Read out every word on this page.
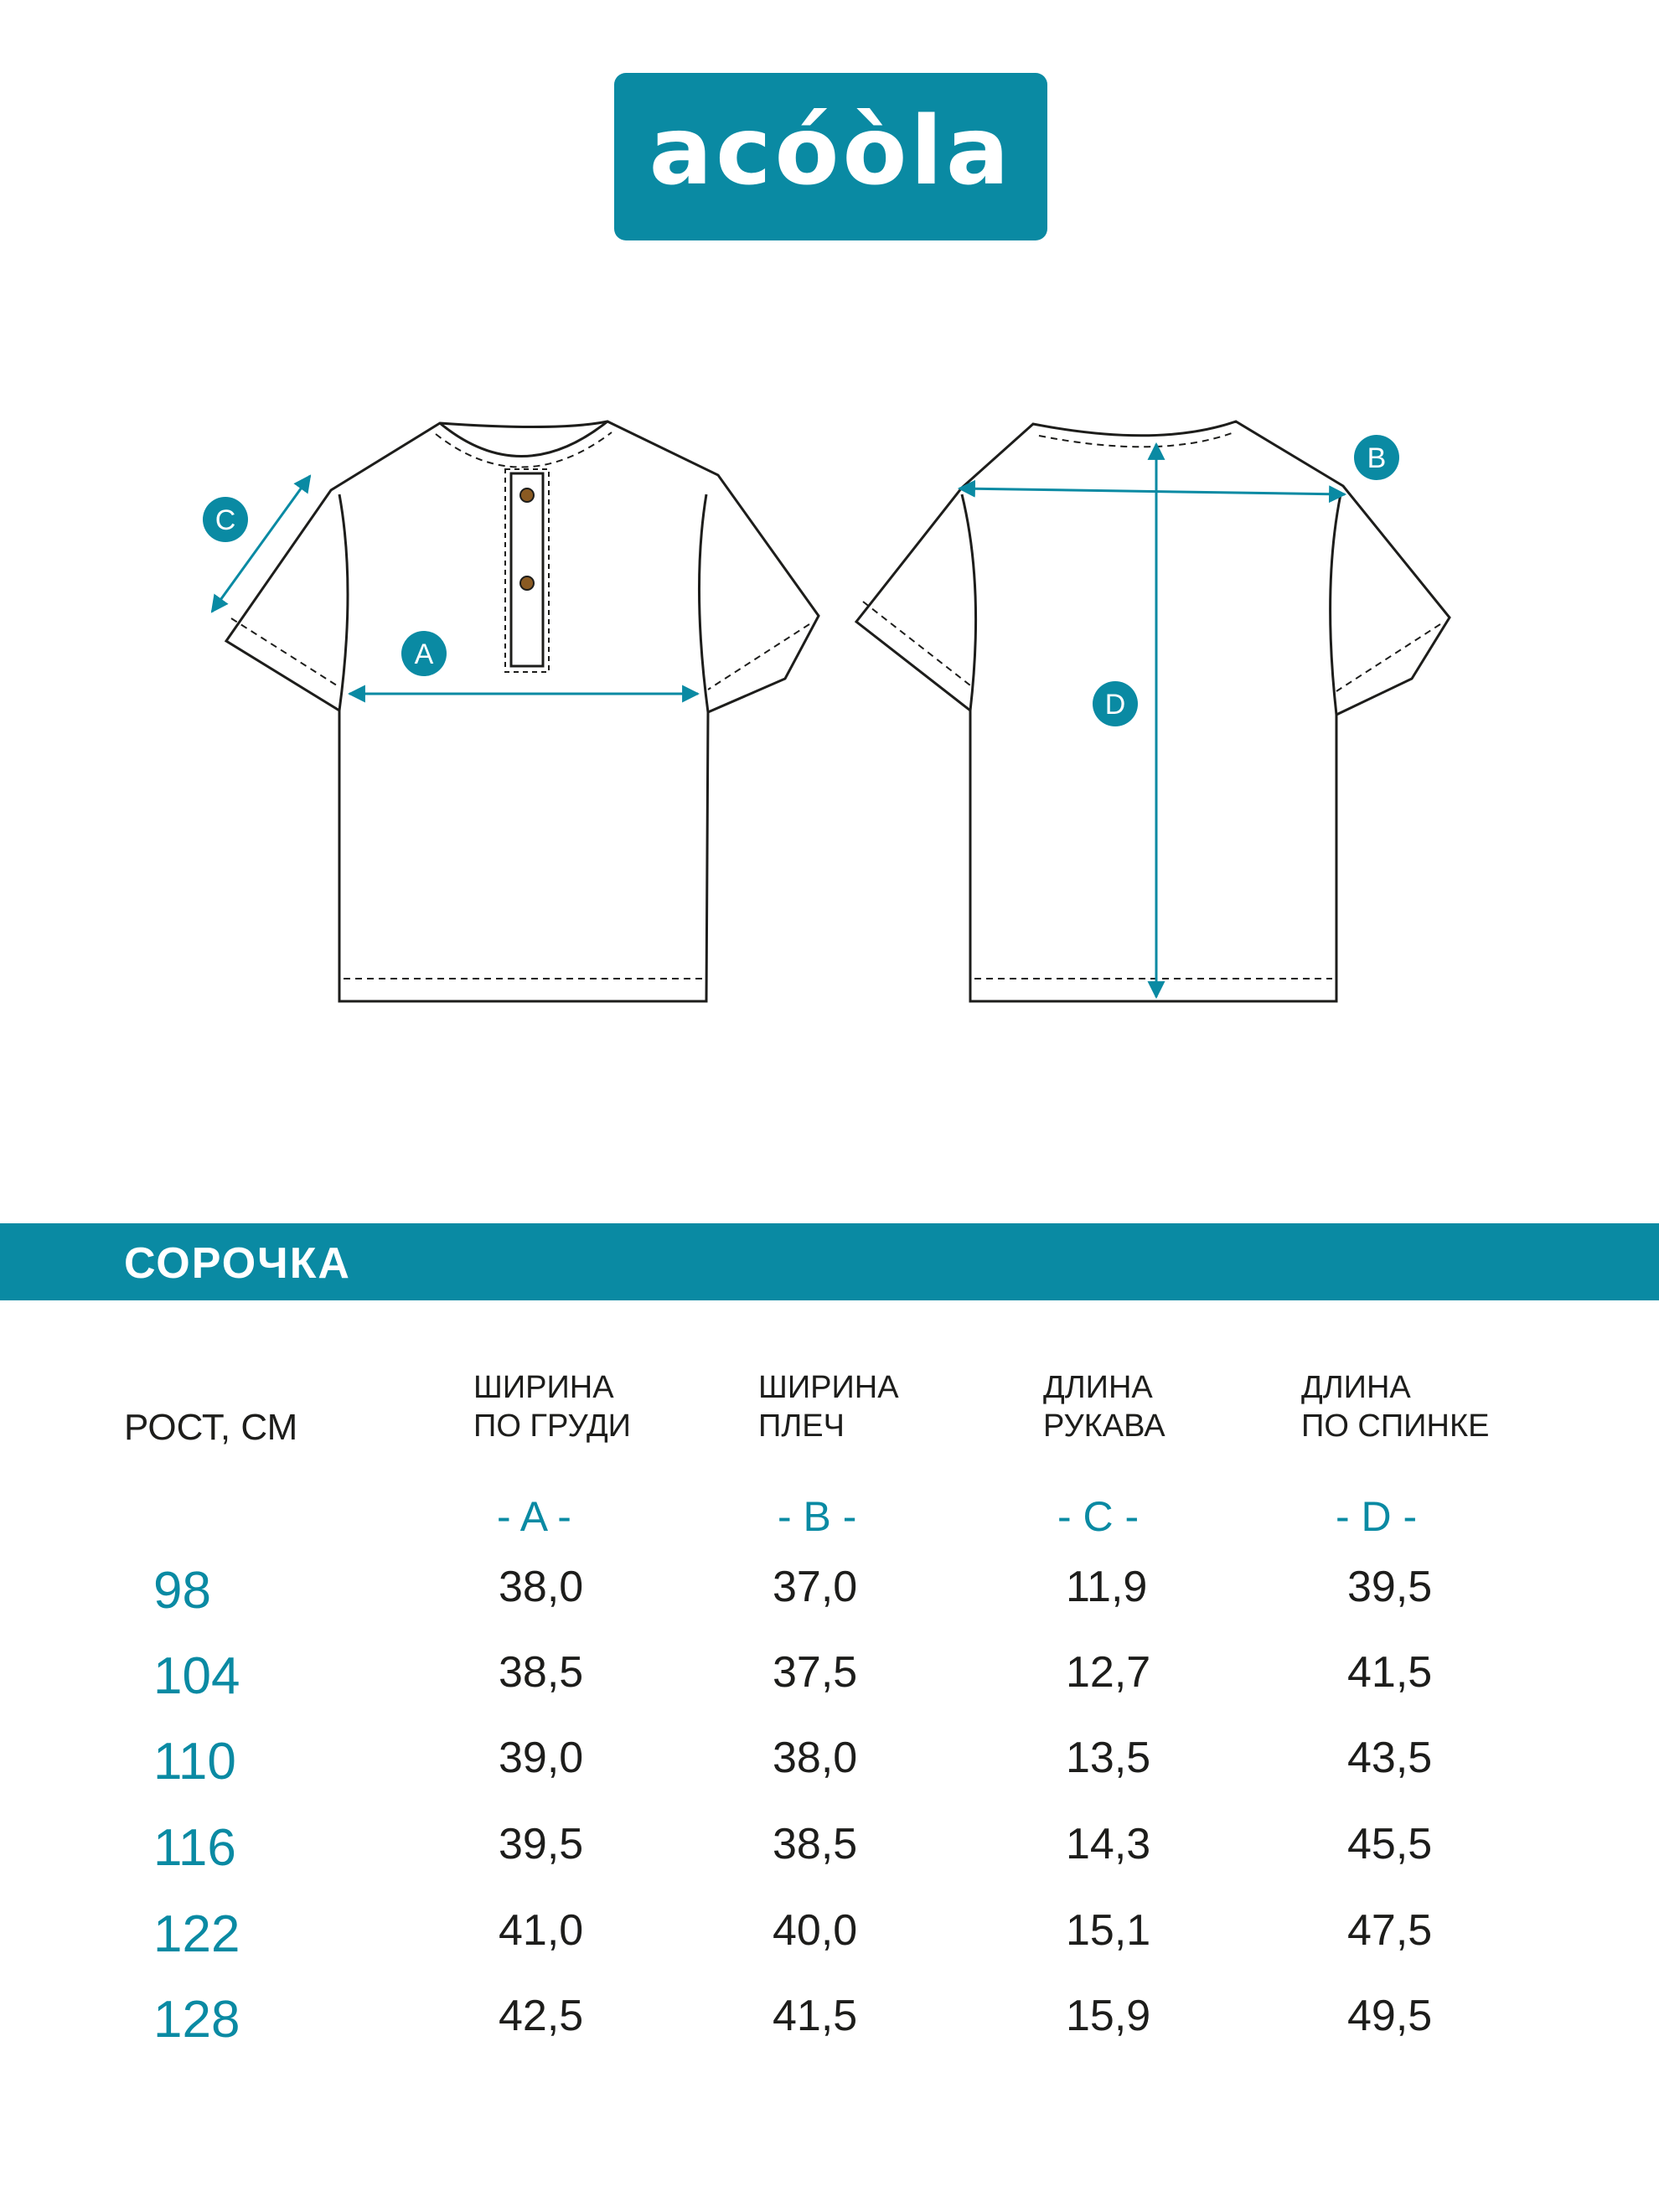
acóòla
A
C
B
D
СОРОЧКА
РОСТ, СМ
ШИРИНА
ПО ГРУДИ
ШИРИНА
ПЛЕЧ
ДЛИНА
РУКАВА
ДЛИНА
ПО СПИНКЕ
- A -	- B -	- C -	- D -
98	38,0	37,0	11,9	39,5
104	38,5	37,5	12,7	41,5
110	39,0	38,0	13,5	43,5
116	39,5	38,5	14,3	45,5
122	41,0	40,0	15,1	47,5
128	42,5	41,5	15,9	49,5
